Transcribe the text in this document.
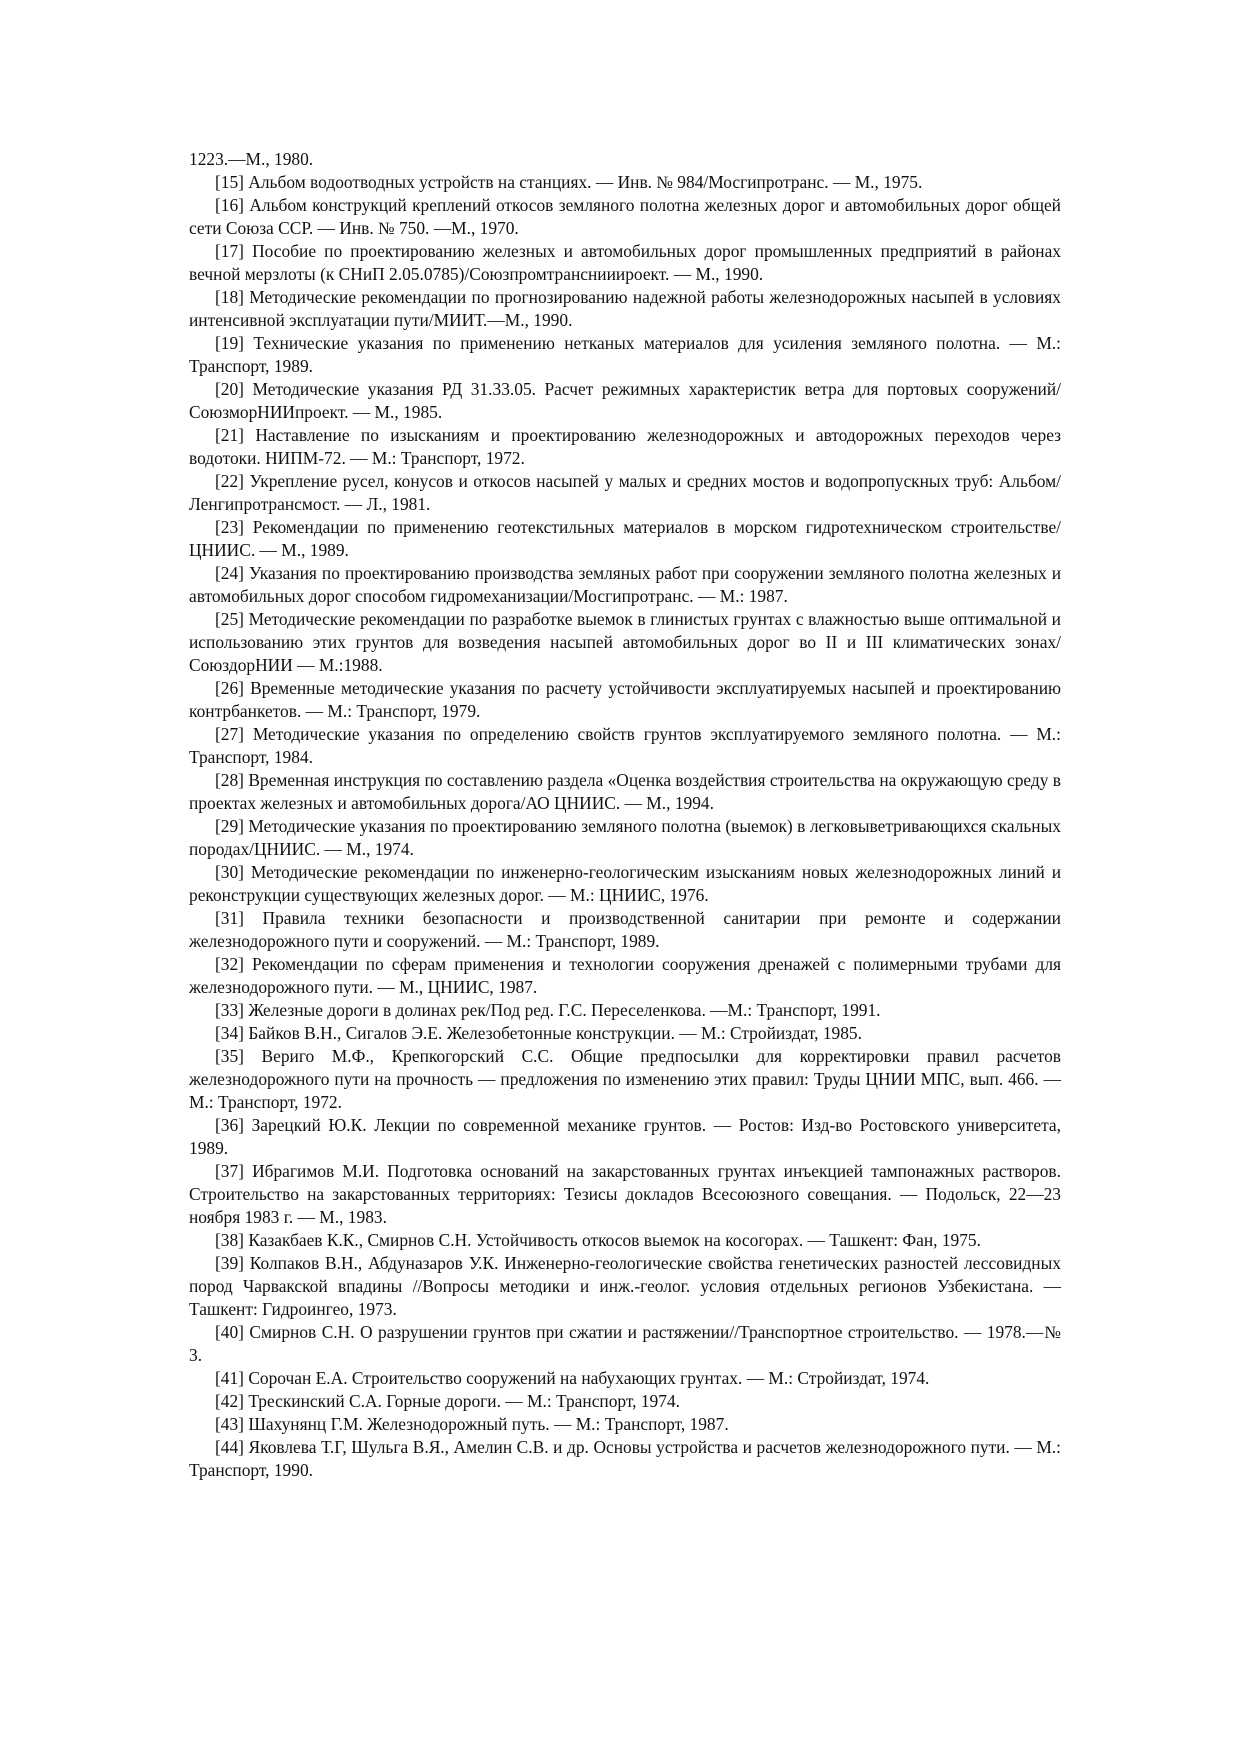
1223.—М., 1980.

[15] Альбом водоотводных устройств на станциях. — Инв. № 984/Мосгипротранс. — М., 1975.

[16] Альбом конструкций креплений откосов земляного полотна железных дорог и автомобильных дорог общей сети Союза ССР. — Инв. № 750. —М., 1970.

[17] Пособие по проектированию железных и автомобильных дорог промышленных предприятий в районах вечной мерзлоты (к СНиП 2.05.0785)/Союзпромтранснииироект. — М., 1990.

[18] Методические рекомендации по прогнозированию надежной работы железнодорожных насыпей в условиях интенсивной эксплуатации пути/МИИТ.—М., 1990.

[19] Технические указания по применению нетканых материалов для усиления земляного полотна. — М.: Транспорт, 1989.

[20] Методические указания РД 31.33.05. Расчет режимных характеристик ветра для портовых сооружений/СоюзморНИИпроект. — М., 1985.

[21] Наставление по изысканиям и проектированию железнодорожных и автодорожных переходов через водотоки. НИПМ-72. — М.: Транспорт, 1972.

[22] Укрепление русел, конусов и откосов насыпей у малых и средних мостов и водопропускных труб: Альбом/Ленгипротрансмост. — Л., 1981.

[23] Рекомендации по применению геотекстильных материалов в морском гидротехническом строительстве/ЦНИИС. — М., 1989.

[24] Указания по проектированию производства земляных работ при сооружении земляного полотна железных и автомобильных дорог способом гидромеханизации/Мосгипротранс. — М.: 1987.

[25] Методические рекомендации по разработке выемок в глинистых грунтах с влажностью выше оптимальной и использованию этих грунтов для возведения насыпей автомобильных дорог во II и III климатических зонах/СоюздорНИИ — М.:1988.

[26] Временные методические указания по расчету устойчивости эксплуатируемых насыпей и проектированию контрбанкетов. — М.: Транспорт, 1979.

[27] Методические указания по определению свойств грунтов эксплуатируемого земляного полотна. — М.: Транспорт, 1984.

[28] Временная инструкция по составлению раздела «Оценка воздействия строительства на окружающую среду в проектах железных и автомобильных дорога/АО ЦНИИС. — М., 1994.

[29] Методические указания по проектированию земляного полотна (выемок) в легковыветривающихся скальных породах/ЦНИИС. — М., 1974.

[30] Методические рекомендации по инженерно-геологическим изысканиям новых железнодорожных линий и реконструкции существующих железных дорог. — М.: ЦНИИС, 1976.

[31] Правила техники безопасности и производственной санитарии при ремонте и содержании железнодорожного пути и сооружений. — М.: Транспорт, 1989.

[32] Рекомендации по сферам применения и технологии сооружения дренажей с полимерными трубами для железнодорожного пути. — М., ЦНИИС, 1987.

[33] Железные дороги в долинах рек/Под ред. Г.С. Переселенкова. —М.: Транспорт, 1991.

[34] Байков В.Н., Сигалов Э.Е. Железобетонные конструкции. — М.: Стройиздат, 1985.

[35] Вериго М.Ф., Крепкогорский С.С. Общие предпосылки для корректировки правил расчетов железнодорожного пути на прочность — предложения по изменению этих правил: Труды ЦНИИ МПС, вып. 466. — М.: Транспорт, 1972.

[36] Зарецкий Ю.К. Лекции по современной механике грунтов. — Ростов: Изд-во Ростовского университета, 1989.

[37] Ибрагимов М.И. Подготовка оснований на закарстованных грунтах инъекцией тампонажных растворов. Строительство на закарстованных территориях: Тезисы докладов Всесоюзного совещания. — Подольск, 22—23 ноября 1983 г. — М., 1983.

[38] Казакбаев К.К., Смирнов С.Н. Устойчивость откосов выемок на косогорах. — Ташкент: Фан, 1975.

[39] Колпаков В.Н., Абдуназаров У.К. Инженерно-геологические свойства генетических разностей лессовидных пород Чарвакской впадины //Вопросы методики и инж.-геолог. условия отдельных регионов Узбекистана. —Ташкент: Гидроингео, 1973.

[40] Смирнов С.Н. О разрушении грунтов при сжатии и растяжении//Транспортное строительство. — 1978.—№ 3.

[41] Сорочан Е.А. Строительство сооружений на набухающих грунтах. — М.: Стройиздат, 1974.

[42] Трескинский С.А. Горные дороги. — М.: Транспорт, 1974.

[43] Шахунянц Г.М. Железнодорожный путь. — М.: Транспорт, 1987.

[44] Яковлева Т.Г, Шульга В.Я., Амелин С.В. и др. Основы устройства и расчетов железнодорожного пути. — М.: Транспорт, 1990.
